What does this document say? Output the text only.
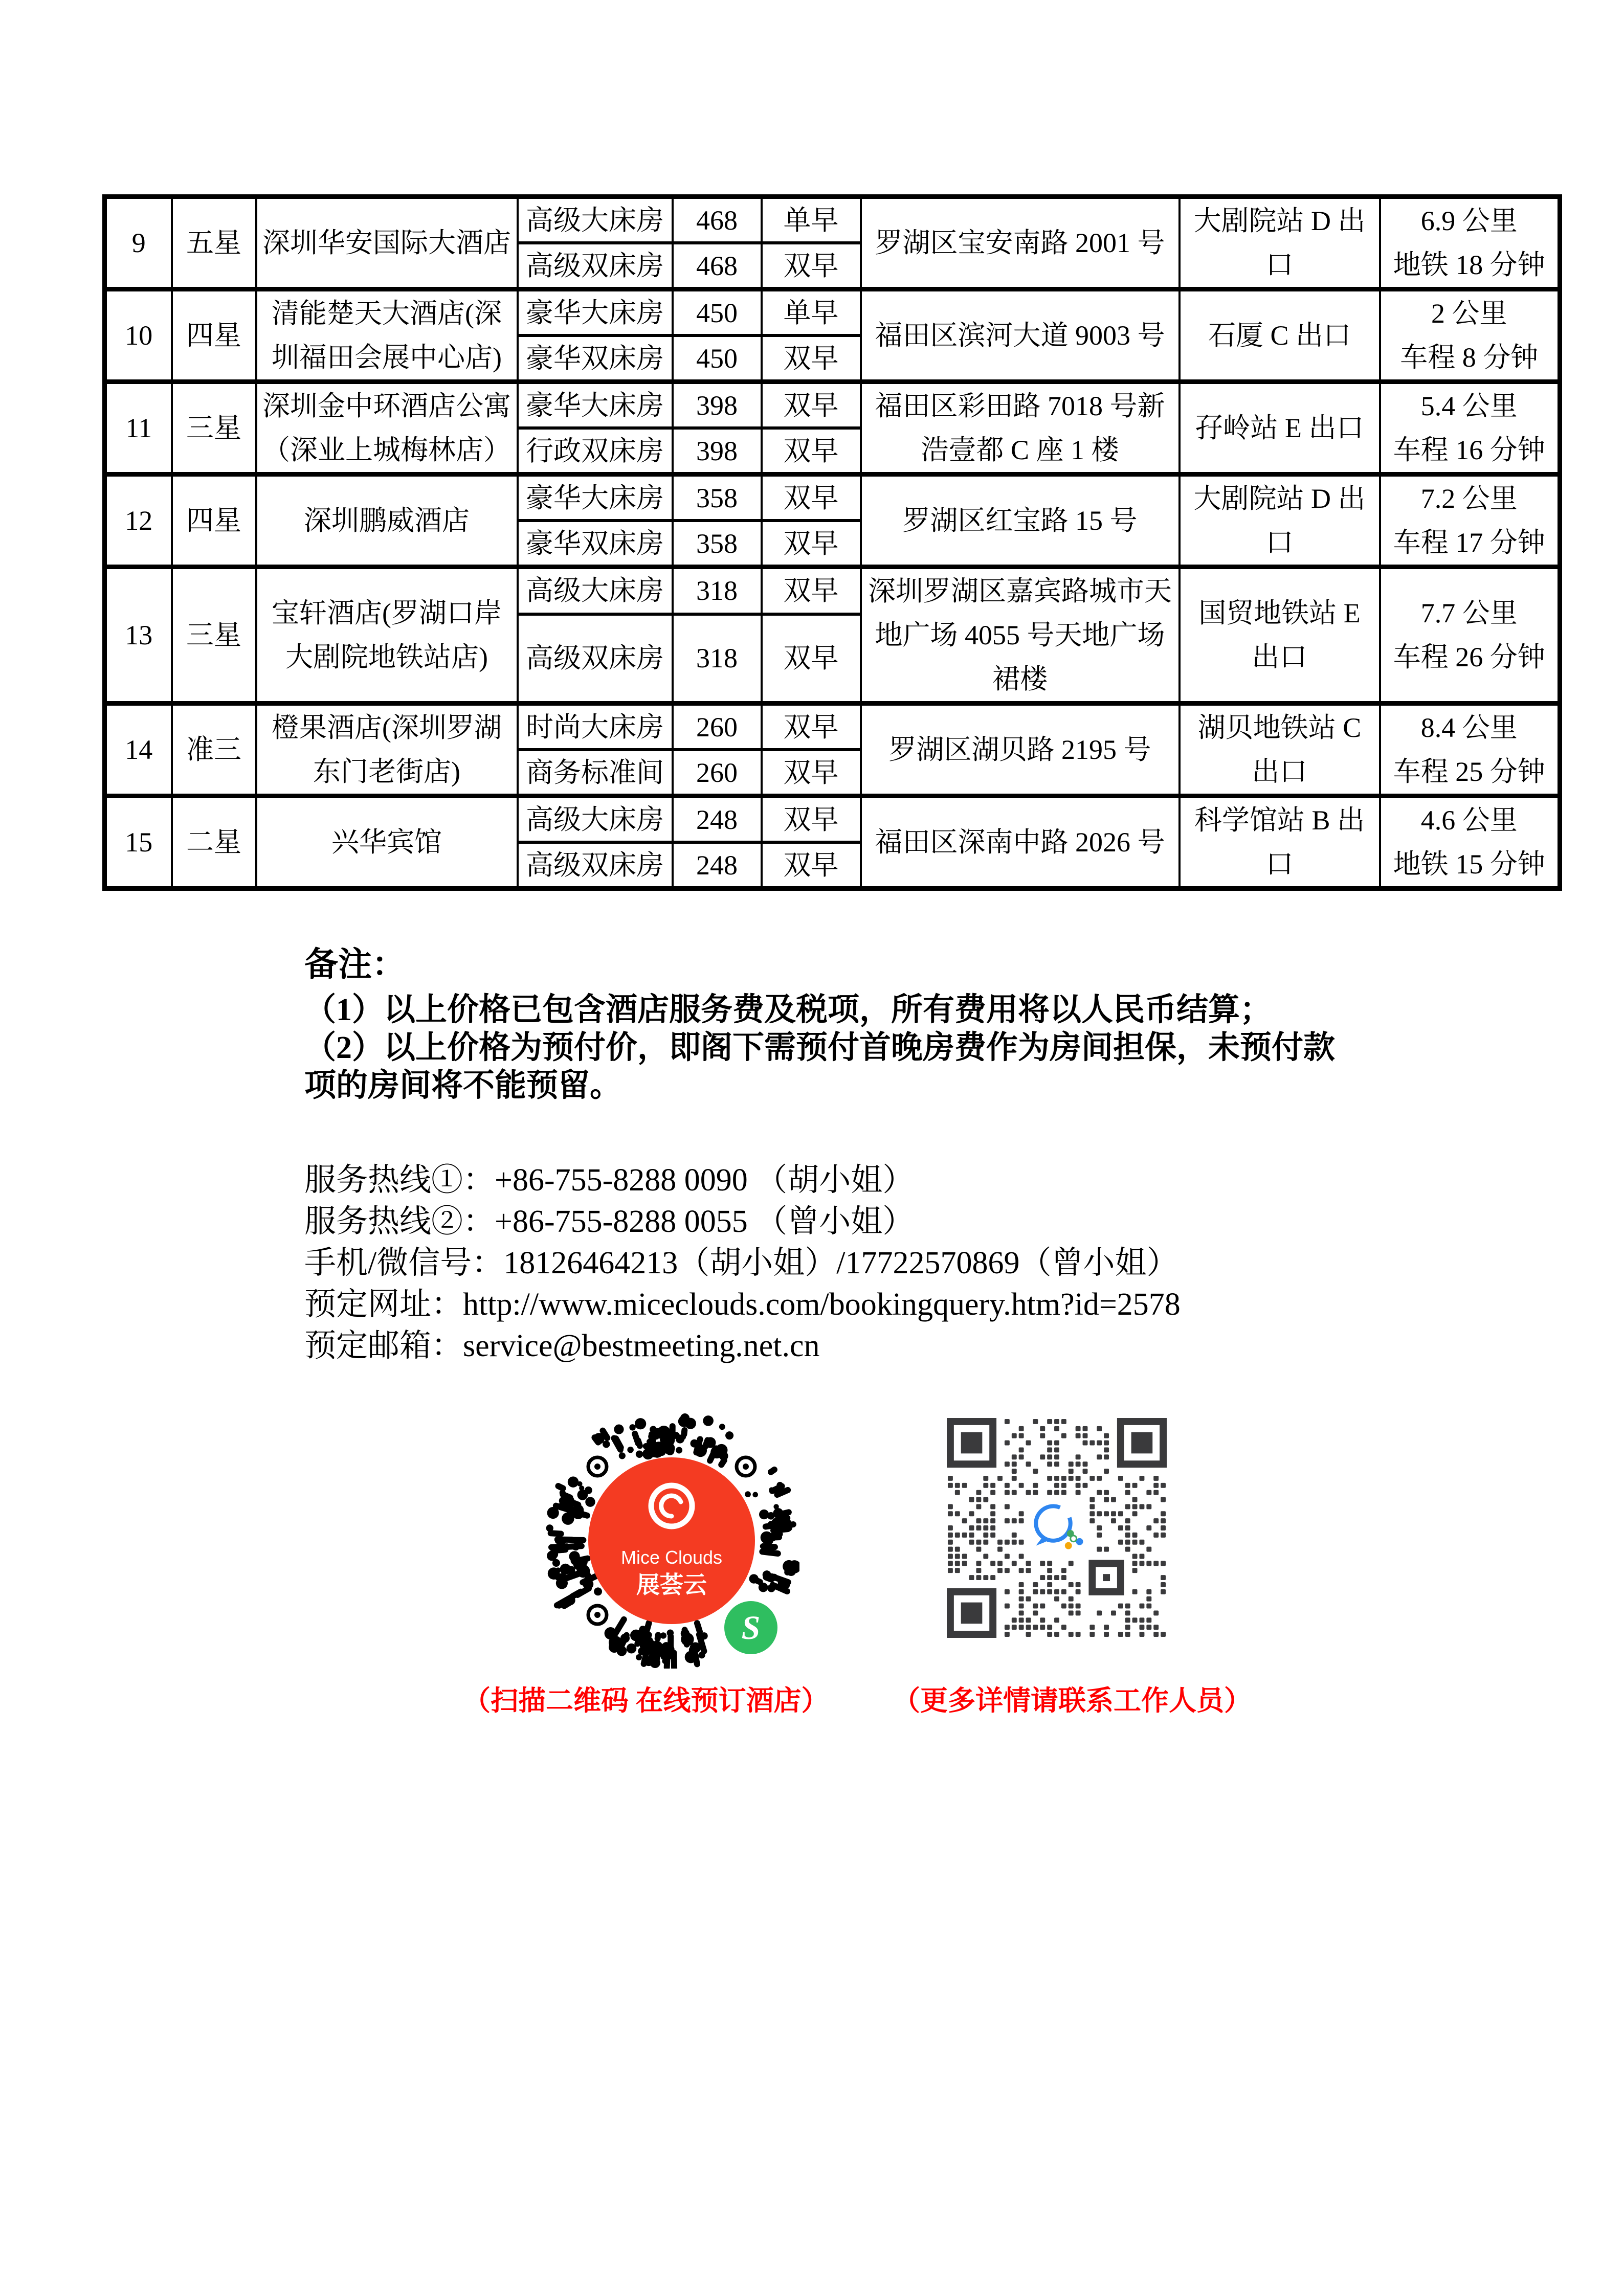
9	五星	深圳华安国际大酒店	高级大床房	468	单早	罗湖区宝安南路 2001 号	大剧院站 D 出口	6.9 公里
地铁 18 分钟

			高级双床房	468	双早			
10	四星	清能楚天大酒店(深圳福田会展中心店)	豪华大床房	450	单早	福田区滨河大道 9003 号	石厦 C 出口	2 公里
车程 8 分钟

			豪华双床房	450	双早			
11	三星	深圳金中环酒店公寓（深业上城梅林店）	豪华大床房	398	双早	福田区彩田路 7018 号新浩壹都 C 座 1 楼	孖岭站 E 出口	5.4 公里
车程 16 分钟

			行政双床房	398	双早			
12	四星	深圳鹏威酒店	豪华大床房	358	双早	罗湖区红宝路 15 号	大剧院站 D 出口	7.2 公里
车程 17 分钟

			豪华双床房	358	双早			
13	三星	宝轩酒店(罗湖口岸大剧院地铁站店)	高级大床房	318	双早	深圳罗湖区嘉宾路城市天地广场 4055 号天地广场裙楼	国贸地铁站 E 出口	7.7 公里
车程 26 分钟

			高级双床房	318	双早			
14	准三	橙果酒店(深圳罗湖东门老街店)	时尚大床房	260	双早	罗湖区湖贝路 2195 号	湖贝地铁站 C 出口	8.4 公里
车程 25 分钟

			商务标准间	260	双早			
15	二星	兴华宾馆	高级大床房	248	双早	福田区深南中路 2026 号	科学馆站 B 出口	4.6 公里
地铁 15 分钟

			高级双床房	248	双早			
备注：
（1）以上价格已包含酒店服务费及税项，所有费用将以人民币结算；
（2）以上价格为预付价，即阁下需预付首晚房费作为房间担保，未预付款
项的房间将不能预留。
服务热线①：+86-755-8288 0090 （胡小姐）
服务热线②：+86-755-8288 0055 （曾小姐）
手机/微信号：18126464213（胡小姐）/17722570869（曾小姐）
预定网址：http://www.miceclouds.com/bookingquery.htm?id=2578
预定邮箱：service@bestmeeting.net.cn
Mice Clouds
展荟云
S
（扫描二维码 在线预订酒店） （更多详情请联系工作人员）
